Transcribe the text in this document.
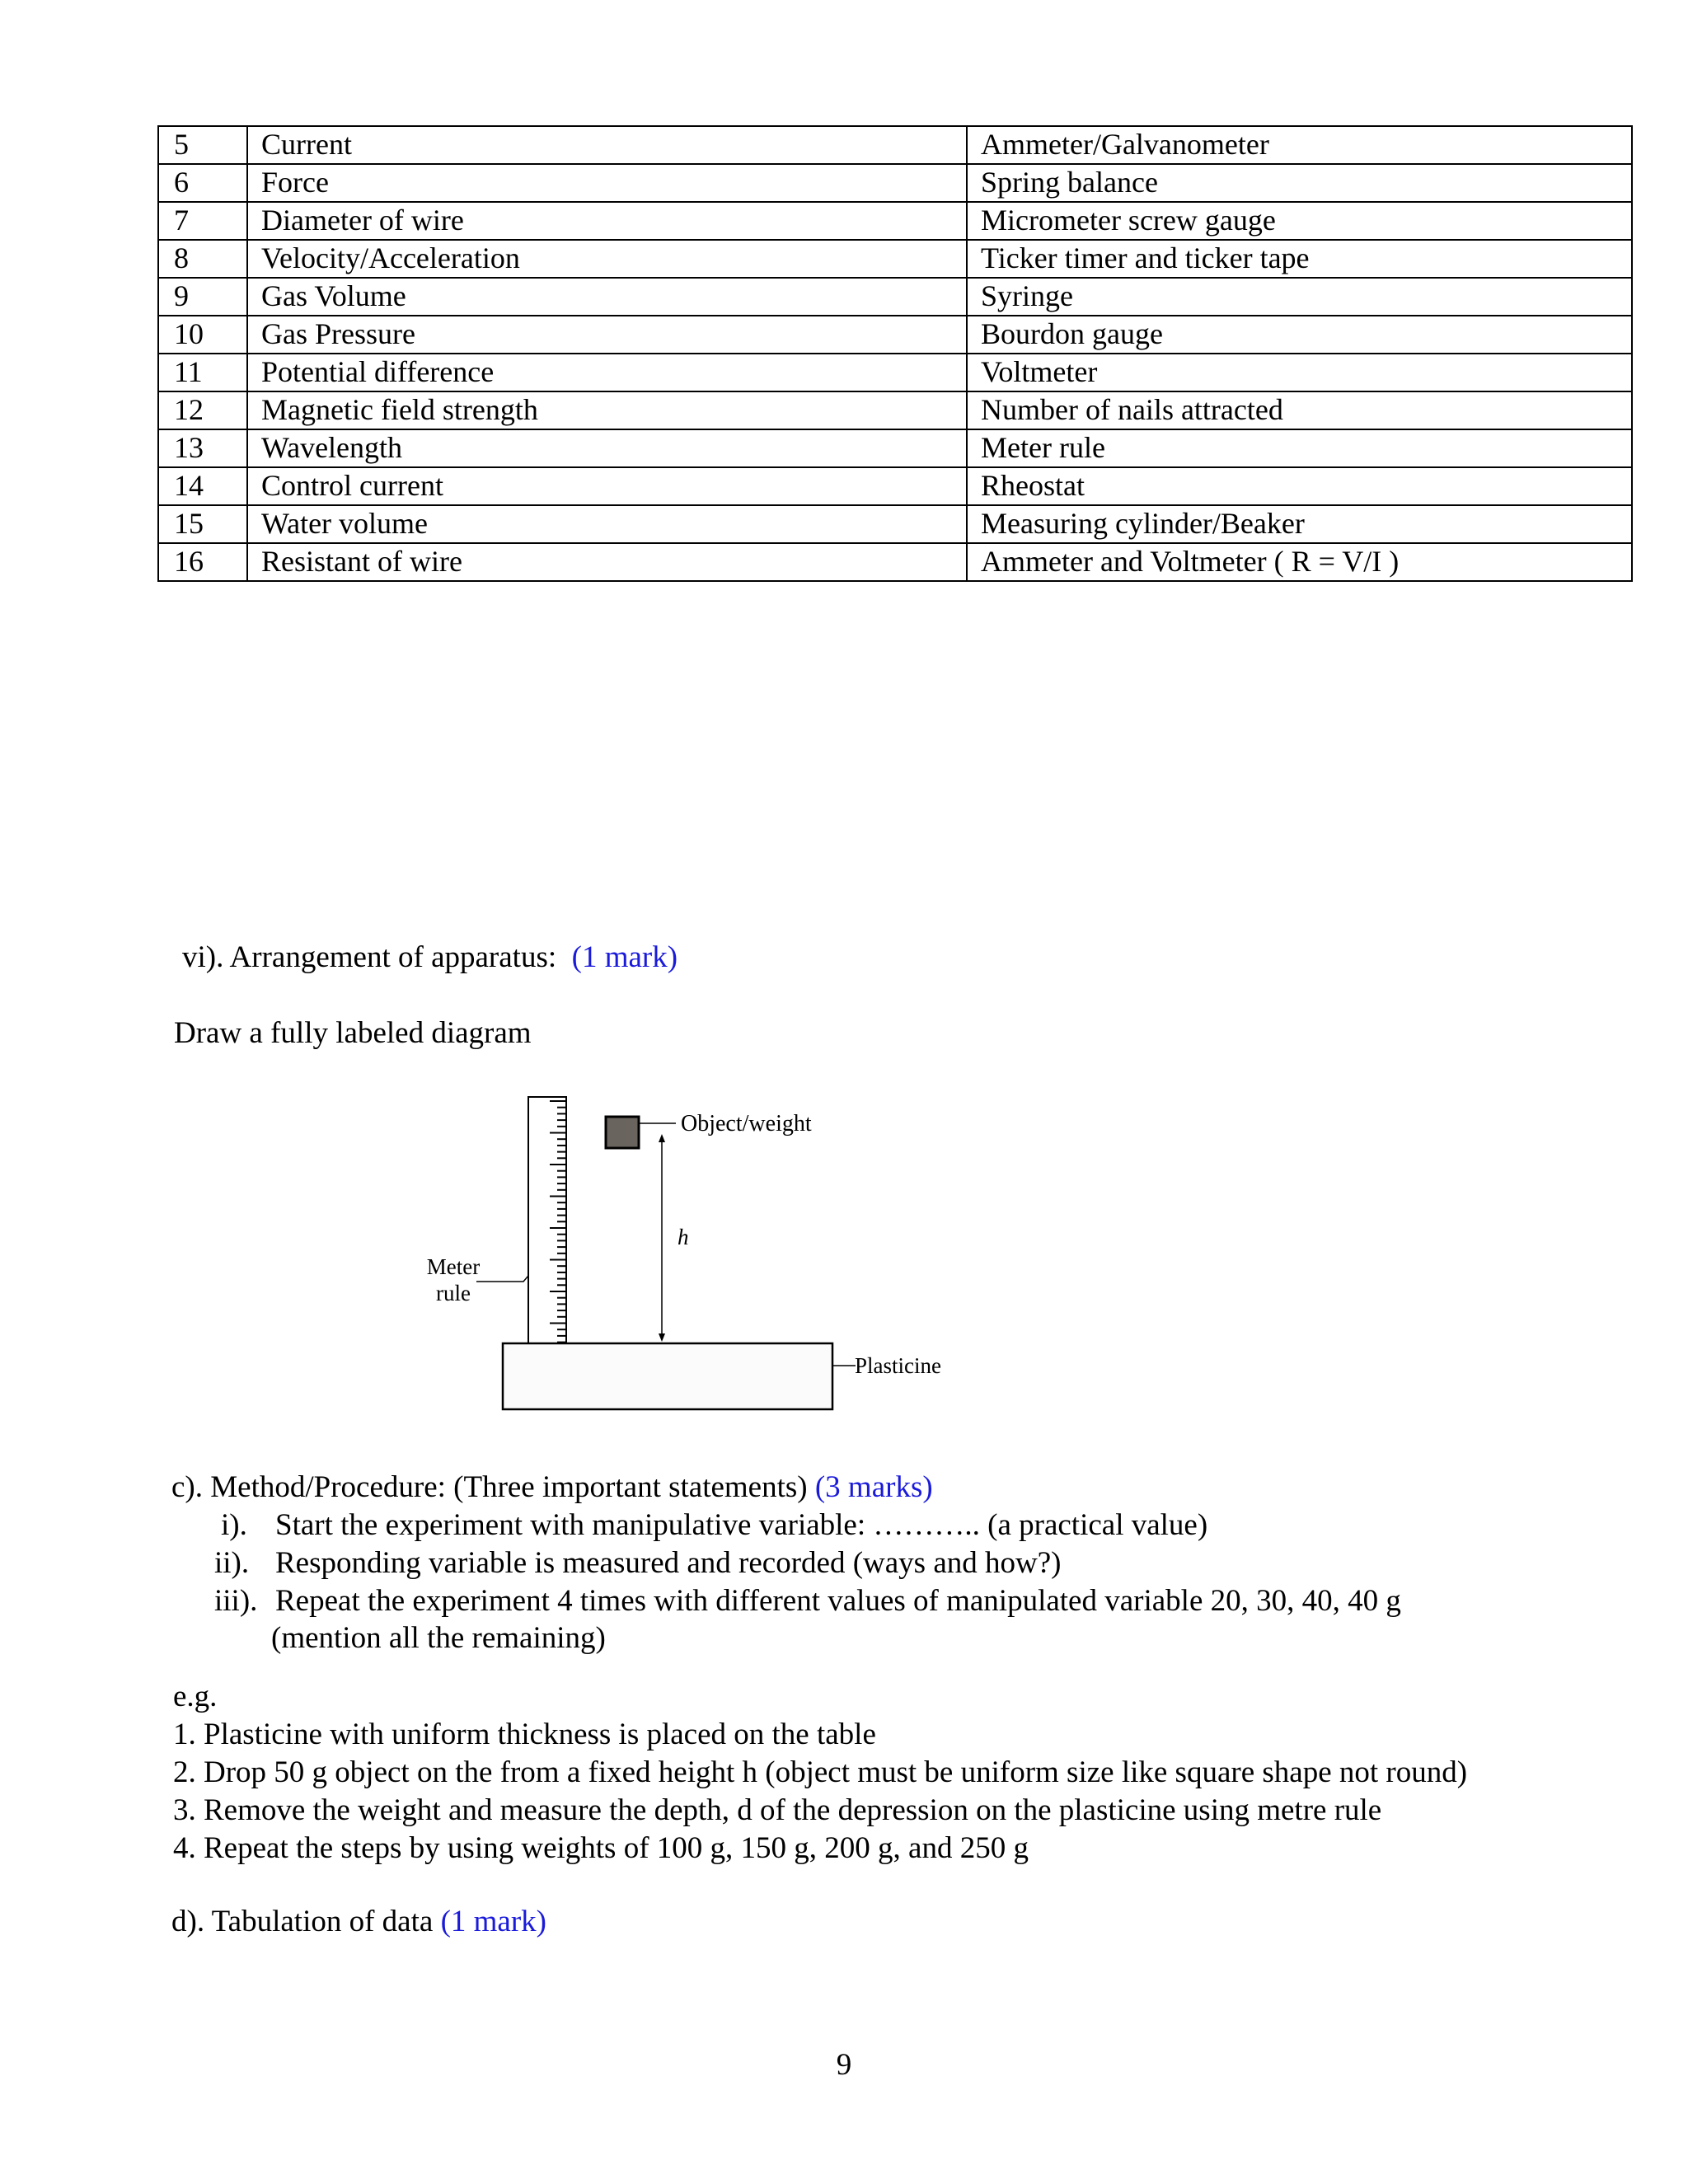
5	Current	Ammeter/Galvanometer
6	Force	Spring balance
7	Diameter of wire	Micrometer screw gauge
8	Velocity/Acceleration	Ticker timer and ticker tape
9	Gas Volume	Syringe
10	Gas Pressure	Bourdon gauge
11	Potential difference	Voltmeter
12	Magnetic field strength	Number of nails attracted
13	Wavelength	Meter rule
14	Control current	Rheostat
15	Water volume	Measuring cylinder/Beaker
16	Resistant of wire	Ammeter and Voltmeter ( R = V/I )
vi). Arrangement of apparatus: (1 mark)
Draw a fully labeled diagram
Meter
rule
Object/weight
h
Plasticine
c). Method/Procedure: (Three important statements) (3 marks)
i). Start the experiment with manipulative variable: ……….. (a practical value)
ii). Responding variable is measured and recorded (ways and how?)
iii). Repeat the experiment 4 times with different values of manipulated variable 20, 30, 40, 40 g
(mention all the remaining)
e.g.
1. Plasticine with uniform thickness is placed on the table
2. Drop 50 g object on the from a fixed height h (object must be uniform size like square shape not round)
3. Remove the weight and measure the depth, d of the depression on the plasticine using metre rule
4. Repeat the steps by using weights of 100 g, 150 g, 200 g, and 250 g
d). Tabulation of data (1 mark)
9
